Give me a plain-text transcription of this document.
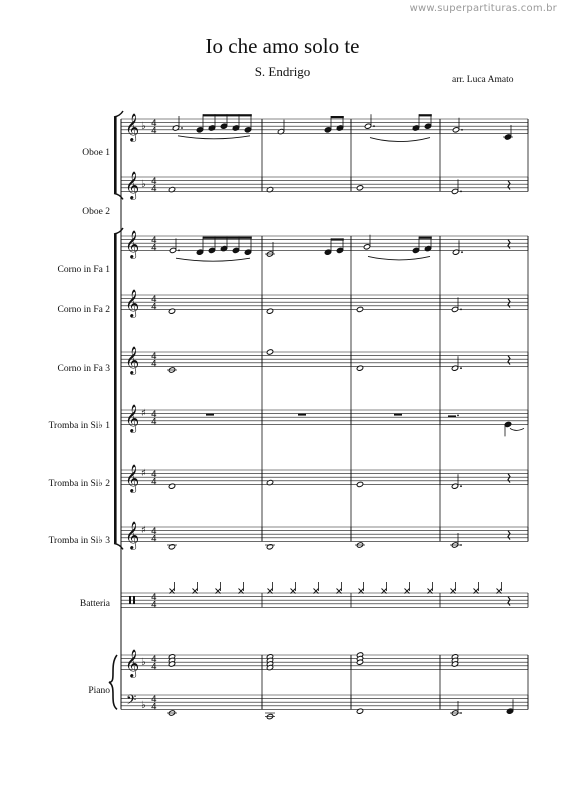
www.superpartituras.com.br
Io che amo solo te
S. Endrigo
arr. Luca Amato
Oboe 1
Oboe 2
Corno in Fa 1
Corno in Fa 2
Corno in Fa 3
Tromba in Si♭ 1
Tromba in Si♭ 2
Tromba in Si♭ 3
Batteria
Piano
𝄞 ♭ 4
4
𝄞 ♭ 4
4
𝄞 4
4
𝄞 4
4
𝄞 4
4
𝄞 ♯ 4
4
𝄞 ♯ 4
4
𝄞 ♯ 4
4
4
4
𝄞 ♭ 4
4
𝄢 ♭ 4
4
